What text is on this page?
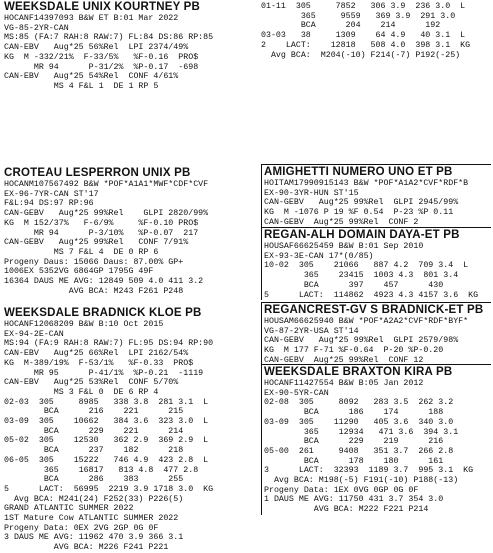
WEEKSDALE UNIX KOURTNEY PB
HOCANF14397093 B&W ET B:01 Mar 2022
VG-85-2YR-CAN
MS:85 (FA:7 RAH:8 RAW:7) FL:84 DS:86 RP:85
CAN-EBV   Aug*25 56%Rel  LPI 2374/49%
KG  M -332/21%  F-33/5%   %F-0.16  PRO$
MR 94      P-31/2%  %P-0.17  -698
CAN-EBV   Aug*25 54%Rel  CONF 4/61%
MS 4 F&L 1  DE 1 RP 5
CROTEAU LESPERRON UNIX PB
HOCANM107567492 B&W *POF*A1A1*MWF*CDF*CVF
EX-96-7YR-CAN ST'17
F&L:94 DS:97 RP:96
CAN-GEBV   Aug*25 99%Rel    GLPI 2820/99%
KG  M 152/37%   F-6/9%     %F-0.10 PRO$
MR 94      P-3/10%   %P-0.07  217
CAN-GEBV   Aug*25 99%Rel   CONF 7/91%
MS 7 F&L 4  DE 0 RP 6
Progeny Daus: 15066 Daus: 87.00% GP+
1006EX 5352VG 6864GP 1795G 49F
16364 DAUS ME AVG: 12849 509 4.0 411 3.2
AVG BCA: M243 F261 P248
WEEKSDALE BRADNICK KLOE PB
HOCANF12068209 B&W B:10 Oct 2015
EX-94-2E-CAN
MS:94 (FA:9 RAH:8 RAW:7) FL:95 DS:94 RP:90
CAN-EBV   Aug*25 66%Rel  LPI 2162/54%
KG  M-389/19%  F-53/1%   %F-0.33  PRO$
MR 95      P-41/1%  %P-0.21  -1119
CAN-EBV   Aug*25 53%Rel  CONF 5/70%
MS 3 F&L 0  DE 6 RP 4
02-03  305     8985   338 3.8  281 3.1  L
BCA      216    221      215
03-09  305    10662   384 3.6  323 3.0  L
BCA      229    221      214
05-02  305    12530   362 2.9  369 2.9  L
BCA      237    182      218
06-05  305    15222   746 4.9  423 2.8  L
365    16817   813 4.8  477 2.8
BCA      286    383      255
5      LACT:  56995  2219 3.9 1718 3.0  KG
Avg BCA: M241(24) F252(33) P226(5)
GRAND ATLANTIC SUMMER 2022
1ST Mature Cow ATLANTIC SUMMER 2022
Progeny Data: 0EX 2VG 2GP 0G 0F
3 DAUS ME AVG: 11962 470 3.9 366 3.1
AVG BCA: M226 F241 P221
01-11  305     7852   306 3.9  236 3.0  L
365     9559   369 3.9  291 3.0
BCA      204    214      192
03-03   38     1309    64 4.9   40 3.1  L
2    LACT:    12818   508 4.0  398 3.1  KG
Avg BCA:  M204(-10) F214(-7) P192(-25)
AMIGHETTI NUMERO UNO ET PB
HOITAM17990915143 B&W *POF*A1A2*CVF*RDF*B
EX-90-3YR-HUN ST'15
CAN-GEBV   Aug*25 99%Rel  GLPI 2945/99%
KG  M -1076 P 19 %F 0.54  P-23 %P 0.11
CAN-GEBV  Aug*25 99%Rel  CONF 2
REGAN-ALH DOMAIN DAYA-ET PB
HOUSAF66625459 B&W B:01 Sep 2010
EX-93-3E-CAN 17*(0/85)
10-02  305    21066   887 4.2  709 3.4  L
365    23415  1003 4.3  801 3.4
BCA      397    457      430
5      LACT:  114862  4923 4.3 4157 3.6  KG
REGANCREST-GV S BRADNICK-ET PB
HOUSAM66625940 B&W *POF*A2A2*CVF*RDF*BYF*
VG-87-2YR-USA ST'14
CAN-GEBV   Aug*25 99%Rel  GLPI 2579/98%
KG  M 177 F-71 %F-0.64  P-20 %P-0.20
CAN-GEBV  Aug*25 99%Rel  CONF 12
WEEKSDALE BRAXTON KIRA PB
HOCANF11427554 B&W B:05 Jan 2012
EX-90-5YR-CAN
02-08  305     8092   283 3.5  262 3.2
BCA      186    174      188
03-09  305    11290   405 3.6  340 3.0
365    12934   471 3.6  394 3.1
BCA      229    219      216
05-00  261     9408   351 3.7  266 2.8
BCA      178    180      161
3      LACT:  32393  1189 3.7  995 3.1  KG
Avg BCA: M198(-5) F191(-10) P188(-13)
Progeny Data: 1EX 0VG 0GP 0G 0F
1 DAUS ME AVG: 11750 431 3.7 354 3.0
AVG BCA: M222 F221 P214
